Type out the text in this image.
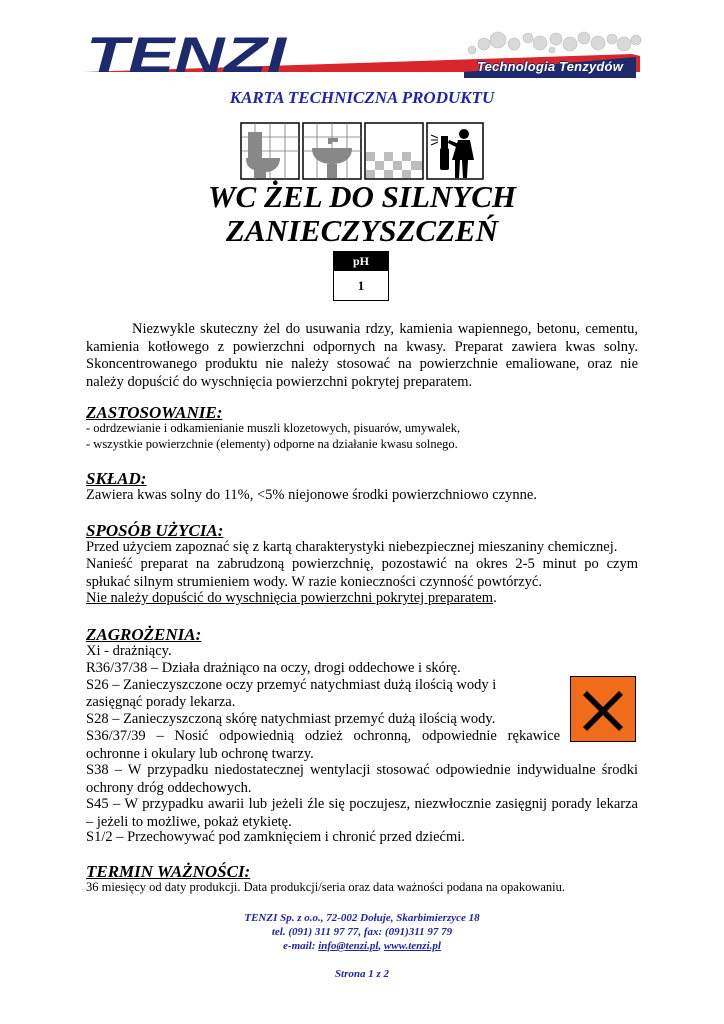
Technologia Tenzydów
TENZI
KARTA TECHNICZNA PRODUKTU
WC ŻEL DO SILNYCH
ZANIECZYSZCZEŃ
pH
1

Niezwykle skuteczny żel do usuwania rdzy, kamienia wapiennego, betonu, cementu, kamienia kotłowego z powierzchni odpornych na kwasy. Preparat zawiera kwas solny. Skoncentrowanego produktu nie należy stosować na powierzchnie emaliowane, oraz nie należy dopuścić do wyschnięcia powierzchni pokrytej preparatem.

ZASTOSOWANIE:
- odrdzewianie i odkamienianie muszli klozetowych, pisuarów, umywalek,
- wszystkie powierzchnie (elementy) odporne na działanie kwasu solnego.
SKŁAD:
Zawiera kwas solny do 11%, <5% niejonowe środki powierzchniowo czynne.
SPOSÓB UŻYCIA:
Przed użyciem zapoznać się z kartą charakterystyki niebezpiecznej mieszaniny chemicznej.
Nanieść preparat na zabrudzoną powierzchnię, pozostawić na okres 2-5 minut po czym spłukać silnym strumieniem wody. W razie konieczności czynność powtórzyć.
Nie należy dopuścić do wyschnięcia powierzchni pokrytej preparatem.
ZAGROŻENIA:
Xi - drażniący.
R36/37/38 – Działa drażniąco na oczy, drogi oddechowe i skórę.
S26 – Zanieczyszczone oczy przemyć natychmiast dużą ilością wody i
zasięgnąć porady lekarza.
S28 – Zanieczyszczoną skórę natychmiast przemyć dużą ilością wody.
S36/37/39 – Nosić odpowiednią odzież ochronną, odpowiednie rękawice ochronne i okulary lub ochronę twarzy.
S38 – W przypadku niedostatecznej wentylacji stosować odpowiednie indywidualne środki ochrony dróg oddechowych.
S45 – W przypadku awarii lub jeżeli źle się poczujesz, niezwłocznie zasięgnij porady lekarza – jeżeli to możliwe, pokaż etykietę.
S1/2 – Przechowywać pod zamknięciem i chronić przed dziećmi.
TERMIN WAŻNOŚCI:
36 miesięcy od daty produkcji. Data produkcji/seria oraz data ważności podana na opakowaniu.
TENZI Sp. z o.o., 72-002 Dołuje, Skarbimierzyce 18
tel. (091) 311 97 77, fax: (091)311 97 79
e-mail: info@tenzi.pl, www.tenzi.pl
Strona 1 z 2
